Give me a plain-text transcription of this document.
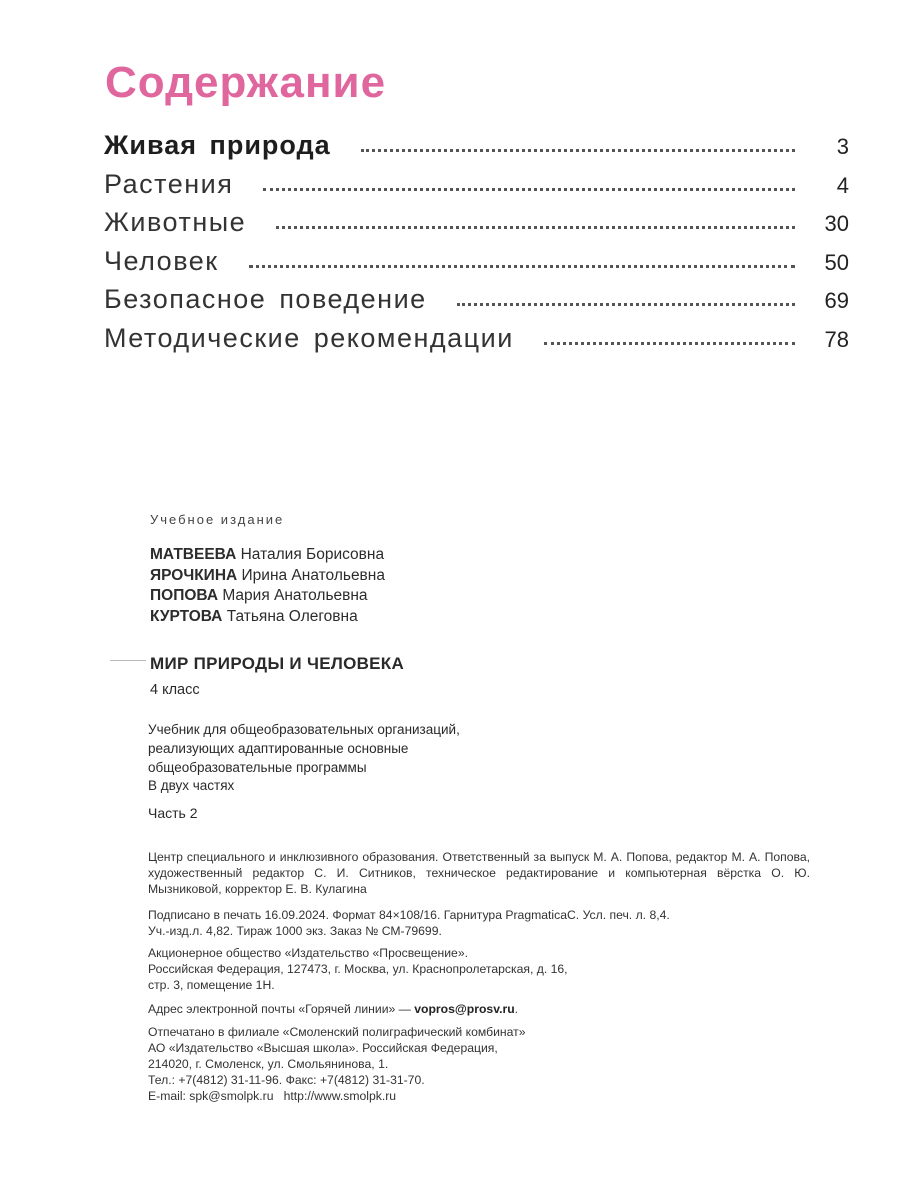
Содержание
Живая природа	3
Растения	4
Животные	30
Человек	50
Безопасное поведение	69
Методические рекомендации	78
Учебное издание
МАТВЕЕВА Наталия Борисовна
ЯРОЧКИНА Ирина Анатольевна
ПОПОВА Мария Анатольевна
КУРТОВА Татьяна Олеговна
МИР ПРИРОДЫ И ЧЕЛОВЕКА
4 класс
Учебник для общеобразовательных организаций,
реализующих адаптированные основные
общеобразовательные программы
В двух частях
Часть 2
Центр специального и инклюзивного образования. Ответственный за выпуск М. А. Попова, редактор М. А. Попова, художественный редактор С. И. Ситников, техническое редактирование и компьютерная вёрстка О. Ю. Мызниковой, корректор Е. В. Кулагина
Подписано в печать 16.09.2024. Формат 84×108/16. Гарнитура PragmaticaC. Усл. печ. л. 8,4.
Уч.-изд.л. 4,82. Тираж 1000 экз. Заказ № СМ-79699.
Акционерное общество «Издательство «Просвещение».
Российская Федерация, 127473, г. Москва, ул. Краснопролетарская, д. 16,
стр. 3, помещение 1Н.
Адрес электронной почты «Горячей линии» — vopros@prosv.ru.
Отпечатано в филиале «Смоленский полиграфический комбинат»
АО «Издательство «Высшая школа». Российская Федерация,
214020, г. Смоленск, ул. Смольянинова, 1.
Тел.: +7(4812) 31-11-96. Факс: +7(4812) 31-31-70.
E-mail: spk@smolpk.ru   http://www.smolpk.ru
